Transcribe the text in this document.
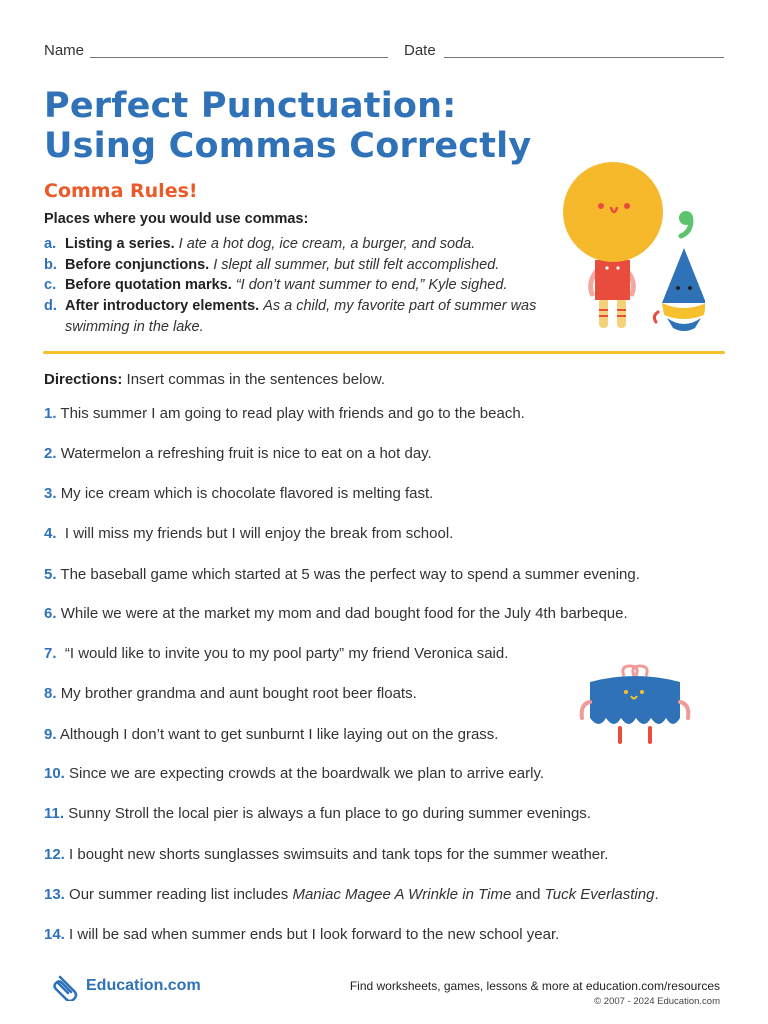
Name	Date
Perfect Punctuation:
Using Commas Correctly
Comma Rules!
Places where you would use commas:
a. Listing a series. I ate a hot dog, ice cream, a burger, and soda.
b. Before conjunctions. I slept all summer, but still felt accomplished.
c. Before quotation marks. “I don’t want summer to end,” Kyle sighed.
d. After introductory elements. As a child, my favorite part of summer was swimming in the lake.
Directions: Insert commas in the sentences below.
1. This summer I am going to read play with friends and go to the beach.
2. Watermelon a refreshing fruit is nice to eat on a hot day.
3. My ice cream which is chocolate flavored is melting fast.
4. I will miss my friends but I will enjoy the break from school.
5. The baseball game which started at 5 was the perfect way to spend a summer evening.
6. While we were at the market my mom and dad bought food for the July 4th barbeque.
7. “I would like to invite you to my pool party” my friend Veronica said.
8. My brother grandma and aunt bought root beer floats.
9. Although I don’t want to get sunburnt I like laying out on the grass.
10. Since we are expecting crowds at the boardwalk we plan to arrive early.
11. Sunny Stroll the local pier is always a fun place to go during summer evenings.
12. I bought new shorts sunglasses swimsuits and tank tops for the summer weather.
13. Our summer reading list includes Maniac Magee A Wrinkle in Time and Tuck Everlasting.
14. I will be sad when summer ends but I look forward to the new school year.
Education.com	Find worksheets, games, lessons & more at education.com/resources
© 2007 - 2024 Education.com
